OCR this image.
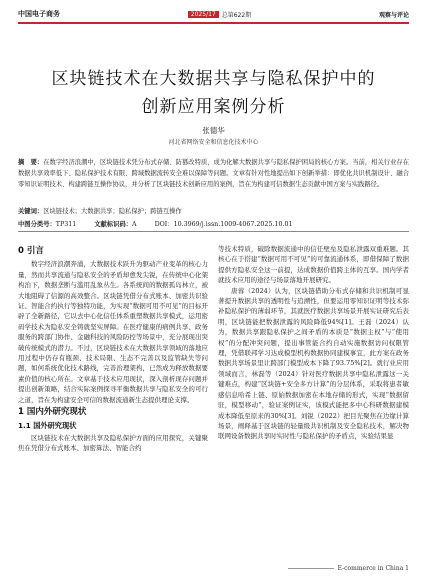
中国电子商务	2025/17	总第622期	观察与评论
区块链技术在大数据共享与隐私保护中的
创新应用案例分析
张德华
河北省网络安全和信息化技术中心
摘　要：在数字经济浪潮中，区块链技术凭分布式存储、防篡改特质，成为化解大数据共享与隐私保护困局的核心方案。当前，相关行业存在数据共享效率低下、隐私保护技术有限、跨域数据流转安全难以保障等问题。文章有针对性地提出如下创新举措：即优化共识机制设计、融合零知识证明技术、构建跨链互操作协议，并分析了区块链技术创新应用的案例，旨在为构建可信数据生态贡献中国方案与实践路径。
关键词：区块链技术；大数据共享；隐私保护；跨链互操作
中图分类号：TP311	文献标识码：A	DOI：10.3969/j.issn.1009-4067.2025.10.01
0 引言

数字经济浪潮奔涌，大数据技术跃升为驱动产业变革的核心力量，然而共享流通与隐私安全的矛盾却愈发尖锐，在传统中心化架构治下，数据垄断与滥用乱象丛生。各系统间的数据孤岛林立，被大地阻碍了信源的高效整合。区块链凭借分布式账本、加密共识验证、智能合约执行等独特功能，为实现“数据可用不可见”的目标开辟了全新路径，它以去中心化信任体系重塑数据共享模式，运用密码学技术为隐私安全铸就坚实屏障。在医疗健康的病例共享、政务服务的跨部门协作、金融科技的风险防控等场景中，充分展现出突破传统模式的潜力。不过，区块链技术在大数据共享领域的落地应用过程中仍存有瓶颈、技术局限、生态不完善以及监管缺失等问题，如何系统优化技术路线，完善治理架构，已然成为释放数据要素价值的核心所在。文章基于技术应用现状，深入剖析现存问题并提出创新策略，结合实际案例探寻平衡数据共享与隐私安全的可行之道，旨在为构建安全可信的数据流通新生态提供理论支撑。

1 国内外研究现状
1.1 国外研究现状

区块链技术在大数据共享及隐私保护方面的应用探究，关键聚焦在凭借分布式账本、加密算法、智能合约

等技术特质，破除数据流通中的信任壁垒及隐私泄露双重难题。其核心在于搭建“数据可用不可见”的可靠流通体系，即借保障了数据提供方隐私安全这一前提，达成数据价值跨主体的互享。国内学者就技术应用的途径与场景落地开展研究。

唐蓉（2024）认为，区块链借助分布式存储和共识机制可显著提升数据共享的透明性与追溯性，但要运用零知识证明等技术弥补隐私保护的薄弱环节，其就医疗数据共享场景开展实证研究后表明，区块链能把数据泄露的风险降低94%[1]。王磊（2024）认为，数据共享跟隐私保护之间矛盾的本质是“数据主权”与“使用权”的分配冲突问题，提出事管能合约自动实施数据访问权限管理，凭借联邦学习达成模型机构数据协同建模事宜，此方案在政务数据共享场景里让跨部门模型成本下降了93.75%[2]。就行业应用领域而言，林磊等（2024）针对医疗数据共享中隐私泄露这一关键难点，构建“区块链+安全多方计算”的分层体系，采取将患者敏感信息哈希上链、原始数据加密在本地存储的形式，实现“数据留驻，模型移动”，验证案例证实，该模式能把多中心科研数据建模成本降低至原来的30%[3]。刘锐（2022）把目光聚焦在边缘计算场景，阐释基于区块链的轻量级共识机制及安全隐私技术，解决物联网设备数据共享时实时性与隐私保护的矛盾点，实验结果显

E-commerce in China 1
